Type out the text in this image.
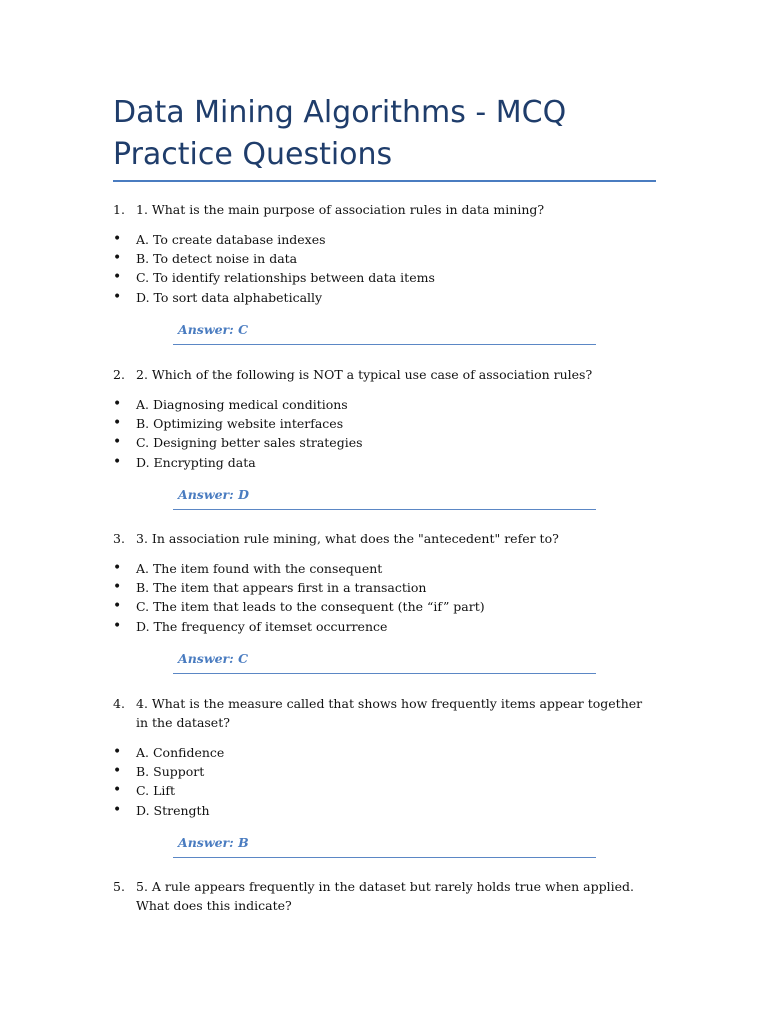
Data Mining Algorithms - MCQ Practice Questions
1. 1. What is the main purpose of association rules in data mining?
• A. To create database indexes
• B. To detect noise in data
• C. To identify relationships between data items
• D. To sort data alphabetically
Answer: C
2. 2. Which of the following is NOT a typical use case of association rules?
• A. Diagnosing medical conditions
• B. Optimizing website interfaces
• C. Designing better sales strategies
• D. Encrypting data
Answer: D
3. 3. In association rule mining, what does the "antecedent" refer to?
• A. The item found with the consequent
• B. The item that appears first in a transaction
• C. The item that leads to the consequent (the “if” part)
• D. The frequency of itemset occurrence
Answer: C
4. 4. What is the measure called that shows how frequently items appear together in the dataset?
• A. Confidence
• B. Support
• C. Lift
• D. Strength
Answer: B
5. 5. A rule appears frequently in the dataset but rarely holds true when applied. What does this indicate?
